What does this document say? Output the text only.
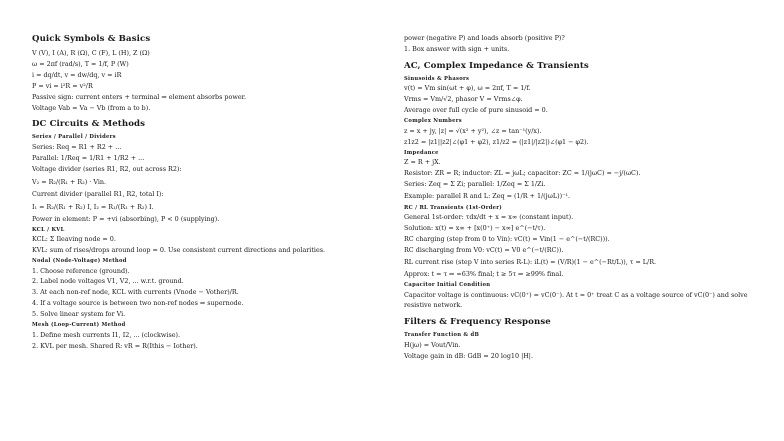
Quick Symbols & Basics
V (V), I (A), R (Ω), C (F), L (H), Z (Ω)
ω = 2πf (rad/s), T = 1/f, P (W)
i = dq/dt, v = dw/dq, v = iR
P = vi = i²R = v²/R
Passive sign: current enters + terminal ⇒ element absorbs power.
Voltage Vab = Va − Vb (from a to b).
DC Circuits & Methods
Series / Parallel / Dividers
Series: Req = R1 + R2 + ...
Parallel: 1/Req = 1/R1 + 1/R2 + ...
Voltage divider (series R1, R2, out across R2):
V₂ = R₂/(R₁ + R₂) · Vin.
Current divider (parallel R1, R2, total I):
I₁ = R₂/(R₁ + R₂) I, I₂ = R₁/(R₁ + R₂) I.
Power in element: P = +vi (absorbing), P < 0 (supplying).
KCL / KVL
KCL: Σ Ileaving node = 0.
KVL: sum of rises/drops around loop = 0. Use consistent current directions and polarities.
Nodal (Node-Voltage) Method
1. Choose reference (ground).
2. Label node voltages V1, V2, ... w.r.t. ground.
3. At each non-ref node, KCL with currents (Vnode − Vother)/R.
4. If a voltage source is between two non-ref nodes ⇒ supernode.
5. Solve linear system for Vi.
Mesh (Loop-Current) Method
1. Define mesh currents I1, I2, ... (clockwise).
2. KVL per mesh. Shared R: vR = R(Ithis − Iother).
power (negative P) and loads absorb (positive P)?
1. Box answer with sign + units.
AC, Complex Impedance & Transients
Sinusoids & Phasors
v(t) = Vm sin(ωt + φ), ω = 2πf, T = 1/f.
Vrms = Vm/√2, phasor V = Vrms∠φ.
Average over full cycle of pure sinusoid = 0.
Complex Numbers
z = x + jy, |z| = √(x² + y²), ∠z = tan⁻¹(y/x).
z1z2 = |z1||z2|∠(φ1 + φ2), z1/z2 = (|z1|/|z2|)∠(φ1 − φ2).
Impedance
Z = R + jX.
Resistor: ZR = R; inductor: ZL = jωL; capacitor: ZC = 1/(jωC) = −j/(ωC).
Series: Zeq = Σ Zi; parallel: 1/Zeq = Σ 1/Zi.
Example: parallel R and L: Zeq = (1/R + 1/(jωL))⁻¹.
RC / RL Transients (1st-Order)
General 1st-order: τdx/dt + x = x∞ (constant input).
Solution: x(t) = x∞ + [x(0⁺) − x∞] e^(−t/τ).
RC charging (step from 0 to Vin): vC(t) = Vin(1 − e^(−t/(RC))).
RC discharging from V0: vC(t) = V0 e^(−t/(RC)).
RL current rise (step V into series R-L): iL(t) = (V/R)(1 − e^(−Rt/L)), τ = L/R.
Approx: t = τ ⇒ ≈63% final; t ≥ 5τ ⇒ ≥99% final.
Capacitor Initial Condition
Capacitor voltage is continuous: vC(0⁺) = vC(0⁻). At t = 0⁺ treat C as a voltage source of vC(0⁻) and solve resistive network.
Filters & Frequency Response
Transfer Function & dB
H(jω) = Vout/Vin.
Voltage gain in dB: GdB = 20 log10 |H|.
